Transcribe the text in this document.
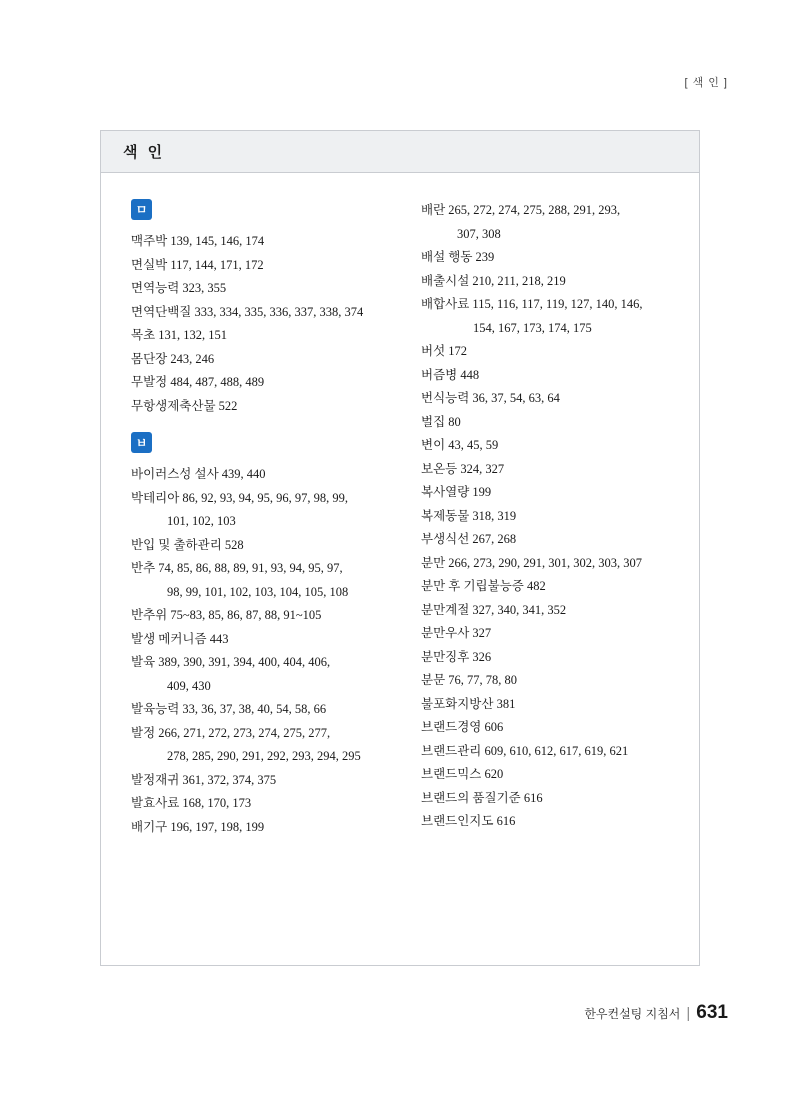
[ 색 인 ]
색 인
ㅁ
맥주박 139, 145, 146, 174
면실박 117, 144, 171, 172
면역능력 323, 355
면역단백질 333, 334, 335, 336, 337, 338, 374
목초 131, 132, 151
몸단장 243, 246
무발정 484, 487, 488, 489
무항생제축산물 522
ㅂ
바이러스성 설사 439, 440
박테리아 86, 92, 93, 94, 95, 96, 97, 98, 99,
101, 102, 103
반입 및 출하관리 528
반추 74, 85, 86, 88, 89, 91, 93, 94, 95, 97,
98, 99, 101, 102, 103, 104, 105, 108
반추위 75~83, 85, 86, 87, 88, 91~105
발생 메커니즘 443
발육 389, 390, 391, 394, 400, 404, 406,
409, 430
발육능력 33, 36, 37, 38, 40, 54, 58, 66
발정 266, 271, 272, 273, 274, 275, 277,
278, 285, 290, 291, 292, 293, 294, 295
발정재귀 361, 372, 374, 375
발효사료 168, 170, 173
배기구 196, 197, 198, 199
배란 265, 272, 274, 275, 288, 291, 293,
307, 308
배설 행동 239
배출시설 210, 211, 218, 219
배합사료 115, 116, 117, 119, 127, 140, 146,
154, 167, 173, 174, 175
버섯 172
버즘병 448
번식능력 36, 37, 54, 63, 64
벌집 80
변이 43, 45, 59
보온등 324, 327
복사열량 199
복제동물 318, 319
부생식선 267, 268
분만 266, 273, 290, 291, 301, 302, 303, 307
분만 후 기립불능증 482
분만계절 327, 340, 341, 352
분만우사 327
분만징후 326
분문 76, 77, 78, 80
불포화지방산 381
브랜드경영 606
브랜드관리 609, 610, 612, 617, 619, 621
브랜드믹스 620
브랜드의 품질기준 616
브랜드인지도 616
한우컨설팅 지침서 | 631
